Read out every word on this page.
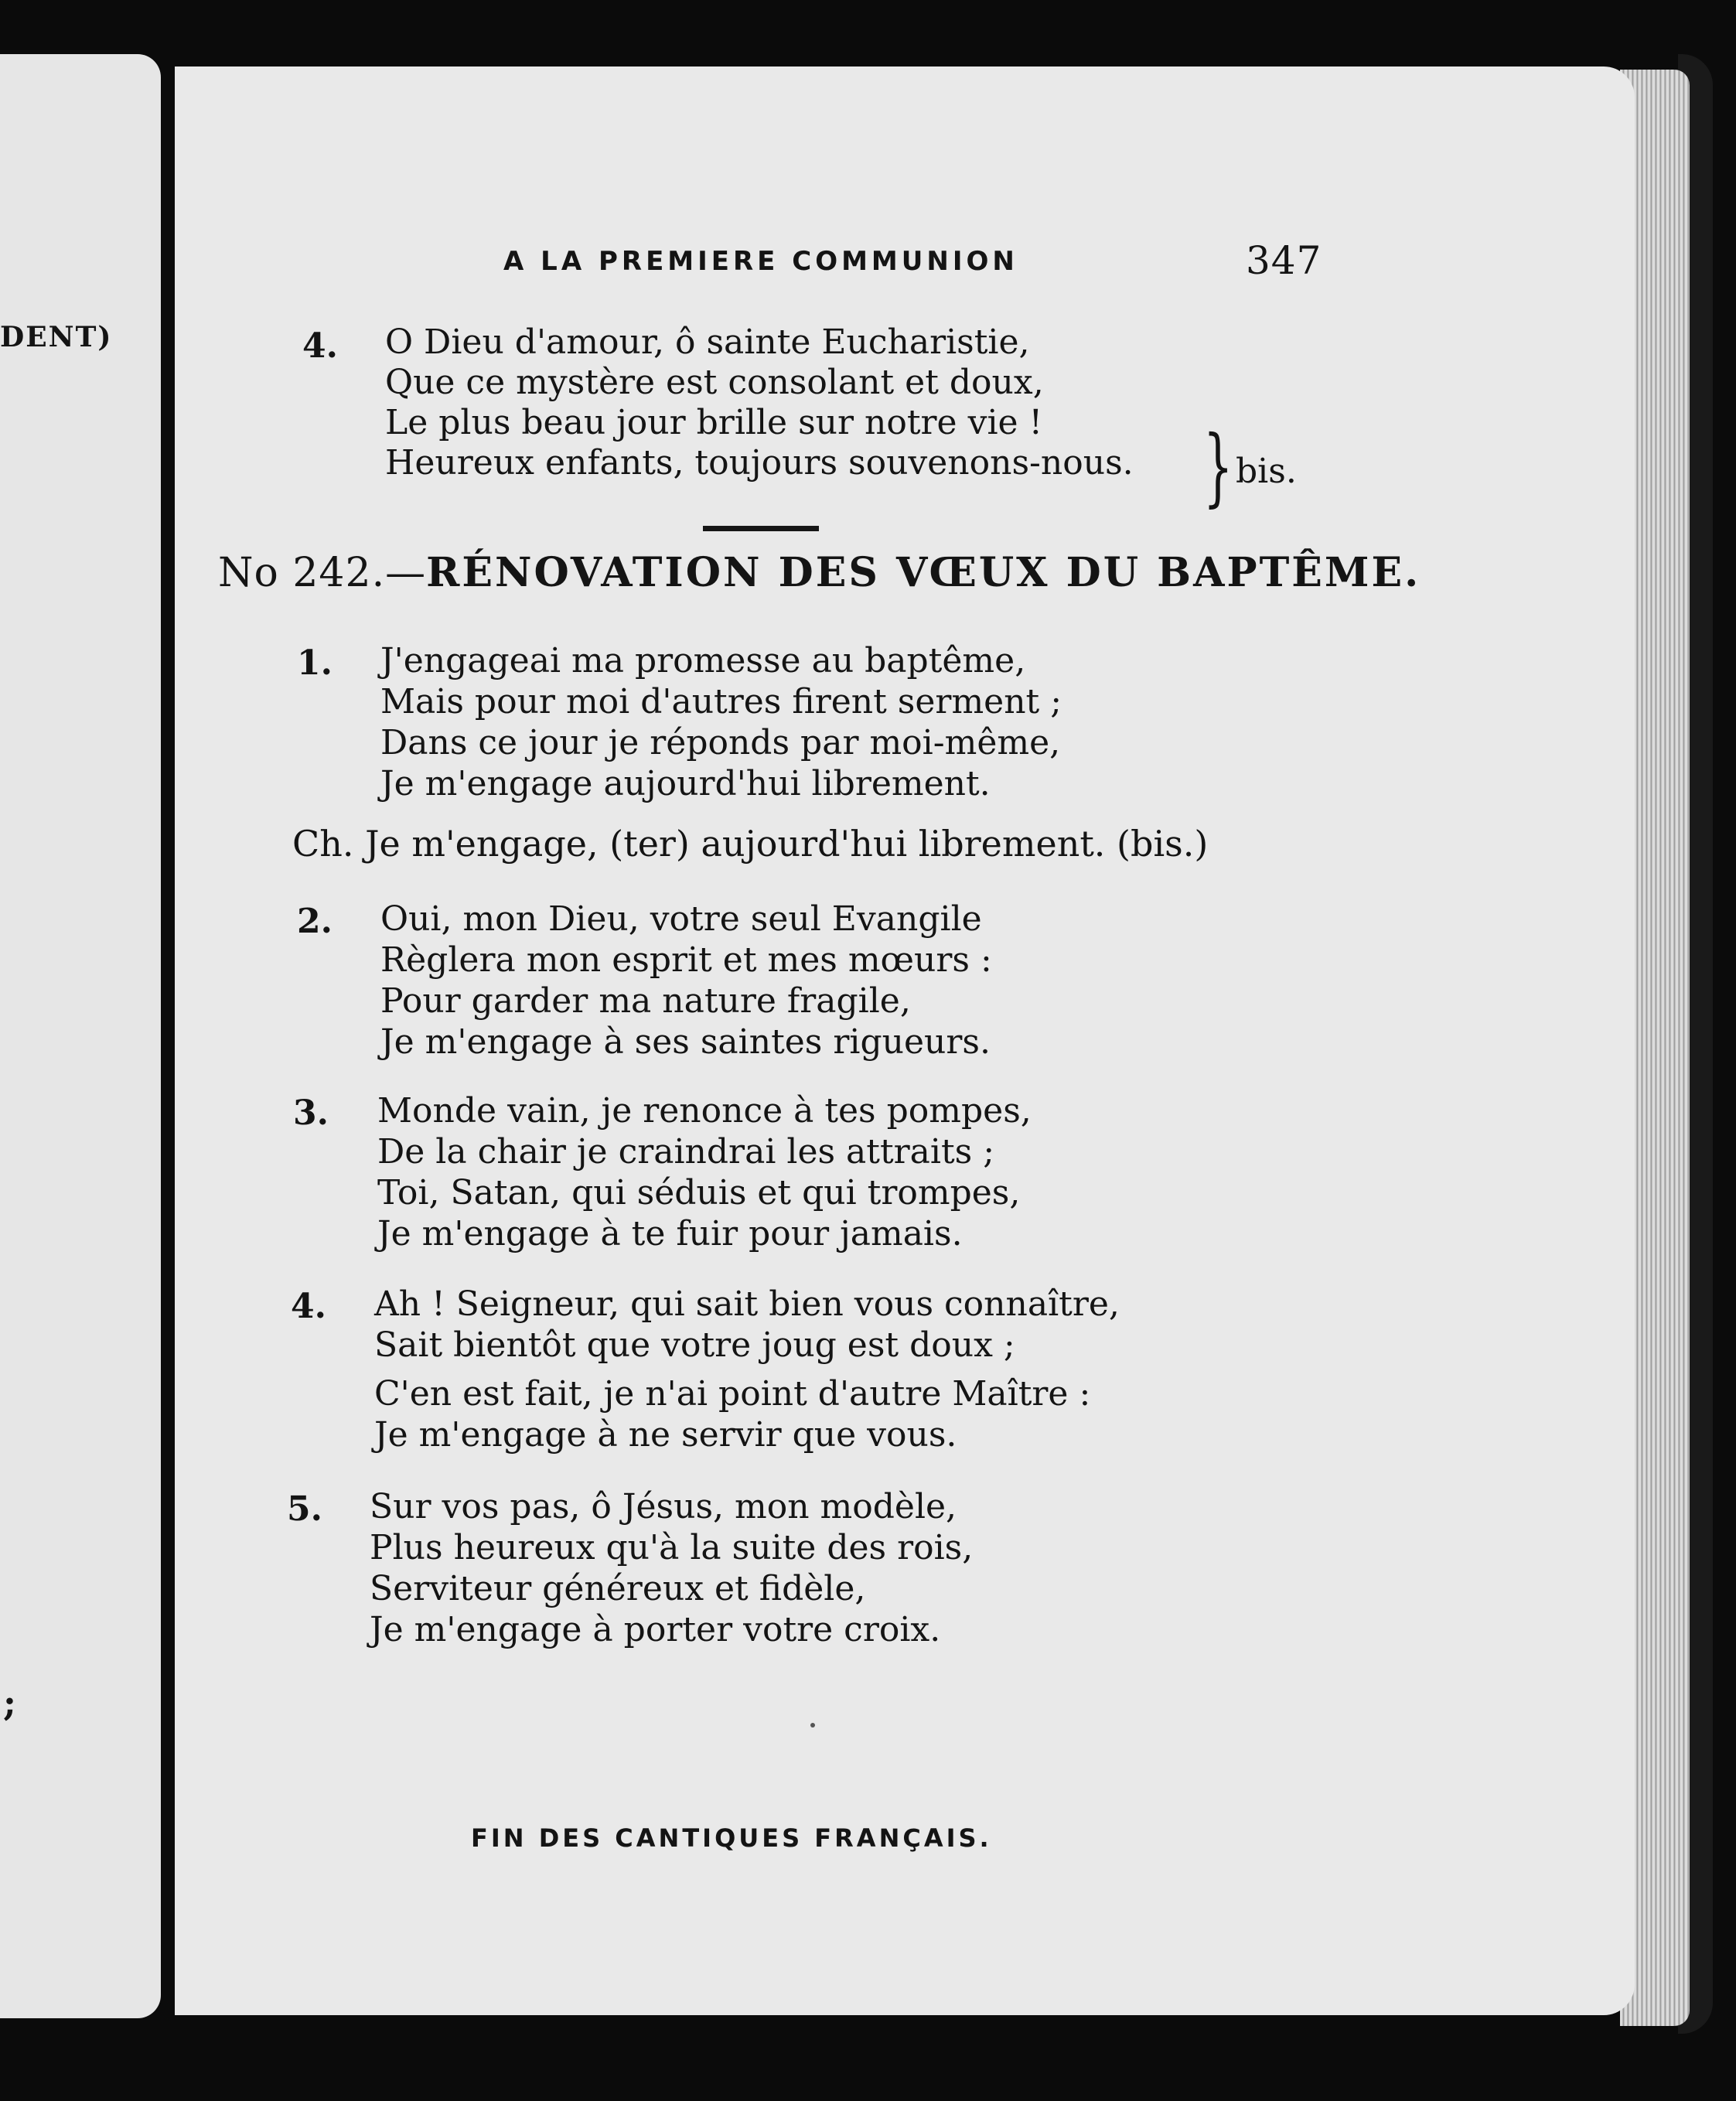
DENT)
;
A LA PREMIERE COMMUNION	347
4. O Dieu d'amour, ô sainte Eucharistie,
Que ce mystère est consolant et doux,
Le plus beau jour brille sur notre vie !
Heureux enfants, toujours souvenons-nous. } bis.
No 242.—RÉNOVATION DES VŒUX DU BAPTÊME.
1. J'engageai ma promesse au baptême,
Mais pour moi d'autres firent serment ;
Dans ce jour je réponds par moi-même,
Je m'engage aujourd'hui librement.
Ch. Je m'engage, (ter) aujourd'hui librement. (bis.)
2. Oui, mon Dieu, votre seul Evangile
Règlera mon esprit et mes mœurs :
Pour garder ma nature fragile,
Je m'engage à ses saintes rigueurs.
3. Monde vain, je renonce à tes pompes,
De la chair je craindrai les attraits ;
Toi, Satan, qui séduis et qui trompes,
Je m'engage à te fuir pour jamais.
4. Ah ! Seigneur, qui sait bien vous connaître,
Sait bientôt que votre joug est doux ;
C'en est fait, je n'ai point d'autre Maître :
Je m'engage à ne servir que vous.
5. Sur vos pas, ô Jésus, mon modèle,
Plus heureux qu'à la suite des rois,
Serviteur généreux et fidèle,
Je m'engage à porter votre croix.
FIN DES CANTIQUES FRANÇAIS.
